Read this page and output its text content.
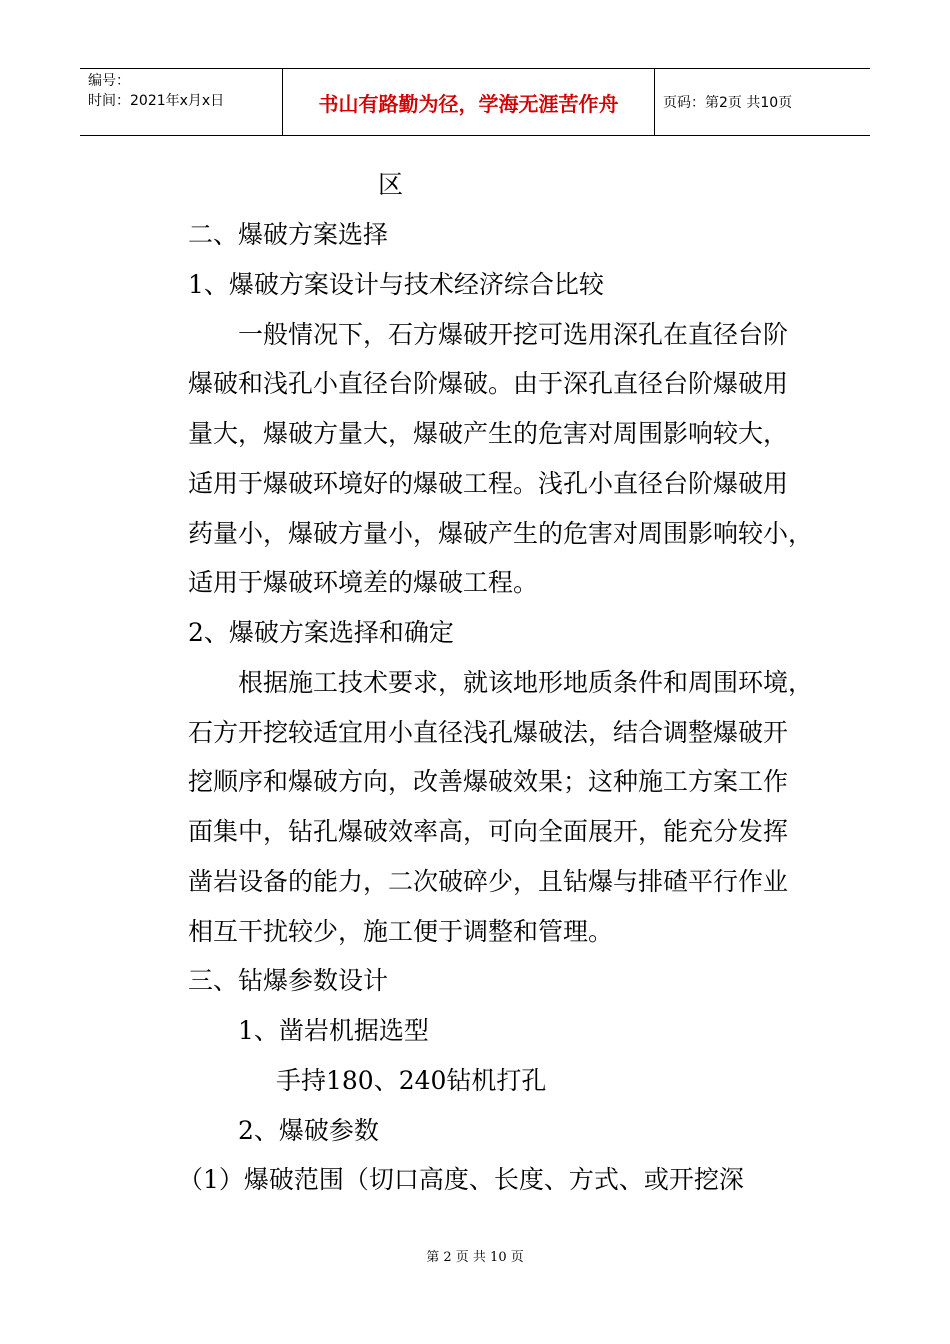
编号：
时间：2021年x月x日	书山有路勤为径，学海无涯苦作舟	页码：第2页 共10页
区
二、爆破方案选择
1、爆破方案设计与技术经济综合比较
一般情况下，石方爆破开挖可选用深孔在直径台阶
爆破和浅孔小直径台阶爆破。由于深孔直径台阶爆破用
量大，爆破方量大，爆破产生的危害对周围影响较大，
适用于爆破环境好的爆破工程。浅孔小直径台阶爆破用
药量小，爆破方量小，爆破产生的危害对周围影响较小，
适用于爆破环境差的爆破工程。
2、爆破方案选择和确定
根据施工技术要求，就该地形地质条件和周围环境，
石方开挖较适宜用小直径浅孔爆破法，结合调整爆破开
挖顺序和爆破方向，改善爆破效果；这种施工方案工作
面集中，钻孔爆破效率高，可向全面展开，能充分发挥
凿岩设备的能力，二次破碎少，且钻爆与排碴平行作业
相互干扰较少，施工便于调整和管理。
三、钻爆参数设计
1、凿岩机据选型
手持180、240钻机打孔
2、爆破参数
（1）爆破范围（切口高度、长度、方式、或开挖深
第 2 页 共 10 页
